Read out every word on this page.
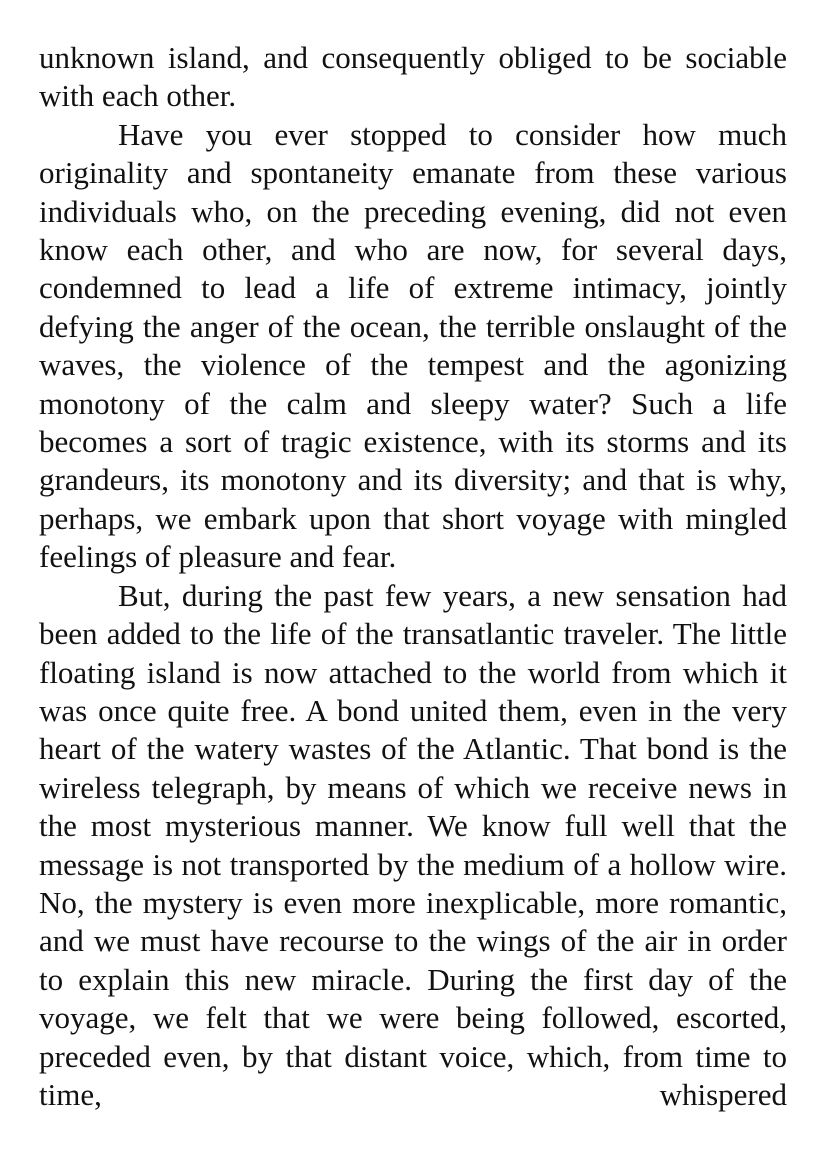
unknown island, and consequently obliged to be sociable with each other.

Have you ever stopped to consider how much originality and spontaneity emanate from these various individuals who, on the preceding evening, did not even know each other, and who are now, for several days, condemned to lead a life of extreme intimacy, jointly defying the anger of the ocean, the terrible onslaught of the waves, the violence of the tempest and the agonizing monotony of the calm and sleepy water? Such a life becomes a sort of tragic existence, with its storms and its grandeurs, its monotony and its diversity; and that is why, perhaps, we embark upon that short voyage with mingled feelings of pleasure and fear.

But, during the past few years, a new sensation had been added to the life of the transatlantic traveler. The little floating island is now attached to the world from which it was once quite free. A bond united them, even in the very heart of the watery wastes of the Atlantic. That bond is the wireless telegraph, by means of which we receive news in the most mysterious manner. We know full well that the message is not transported by the medium of a hollow wire. No, the mystery is even more inexplicable, more romantic, and we must have recourse to the wings of the air in order to explain this new miracle. During the first day of the voyage, we felt that we were being followed, escorted, preceded even, by that distant voice, which, from time to time, whispered
